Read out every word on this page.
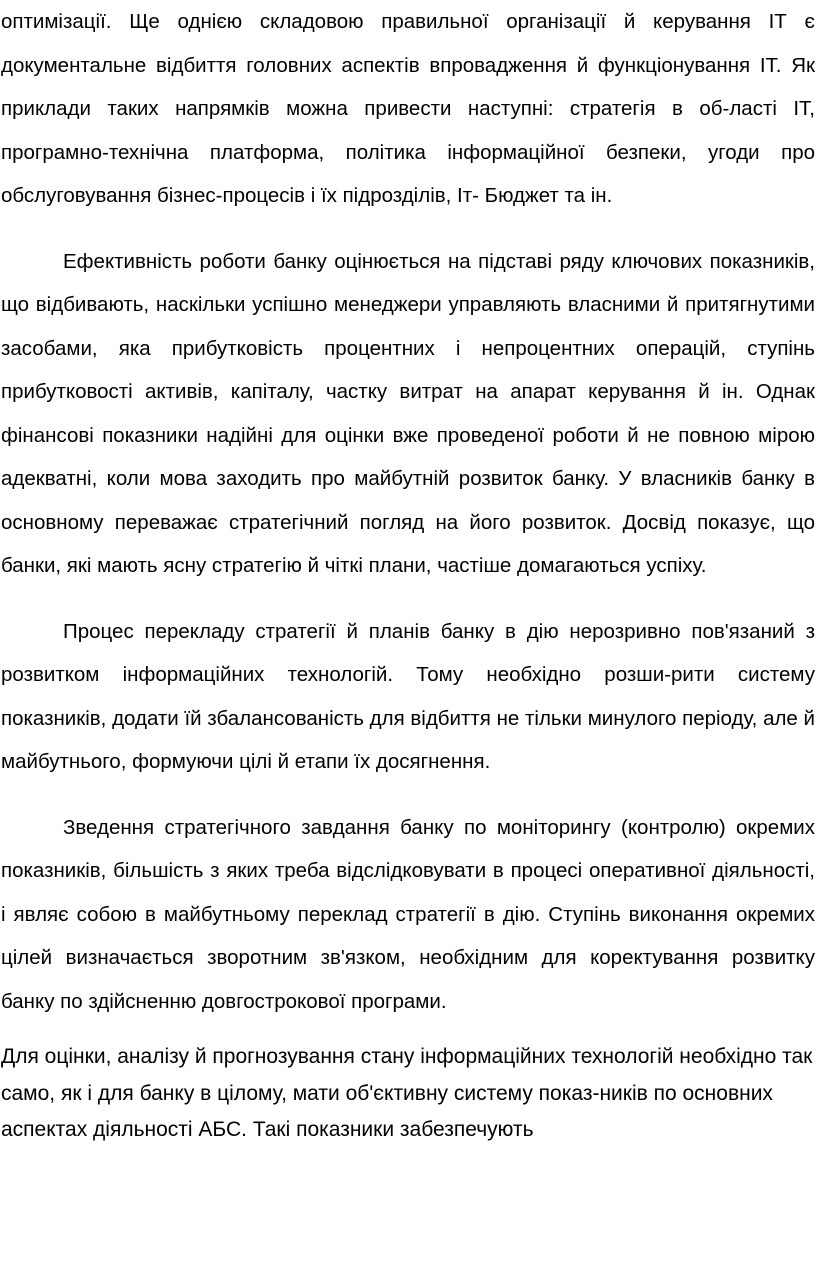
оптимізації. Ще однією складовою правильної організації й керування ІТ є документальне відбиття головних аспектів впровадження й функціонування ІТ. Як приклади таких напрямків можна привести наступні: стратегія в об-ласті ІТ, програмно-технічна платформа, політика інформаційної безпеки, угоди про обслуговування бізнес-процесів і їх підрозділів, Іт- Бюджет та ін.

Ефективність роботи банку оцінюється на підставі ряду ключових показників, що відбивають, наскільки успішно менеджери управляють власними й притягнутими засобами, яка прибутковість процентних і непроцентних операцій, ступінь прибутковості активів, капіталу, частку витрат на апарат керування й ін. Однак фінансові показники надійні для оцінки вже проведеної роботи й не повною мірою адекватні, коли мова заходить про майбутній розвиток банку. У власників банку в основному переважає стратегічний погляд на його розвиток. Досвід показує, що банки, які мають ясну стратегію й чіткі плани, частіше домагаються успіху.

Процес перекладу стратегії й планів банку в дію нерозривно пов'язаний з розвитком інформаційних технологій. Тому необхідно розши-рити систему показників, додати їй збалансованість для відбиття не тільки минулого періоду, але й майбутнього, формуючи цілі й етапи їх досягнення.

Зведення стратегічного завдання банку по моніторингу (контролю) окремих показників, більшість з яких треба відслідковувати в процесі оперативної діяльності, і являє собою в майбутньому переклад стратегії в дію. Ступінь виконання окремих цілей визначається зворотним зв'язком, необхідним для коректування розвитку банку по здійсненню довгострокової програми.

Для оцінки, аналізу й прогнозування стану інформаційних технологій необхідно так само, як і для банку в цілому, мати об'єктивну систему показ-ників по основних аспектах діяльності АБС. Такі показники забезпечують
